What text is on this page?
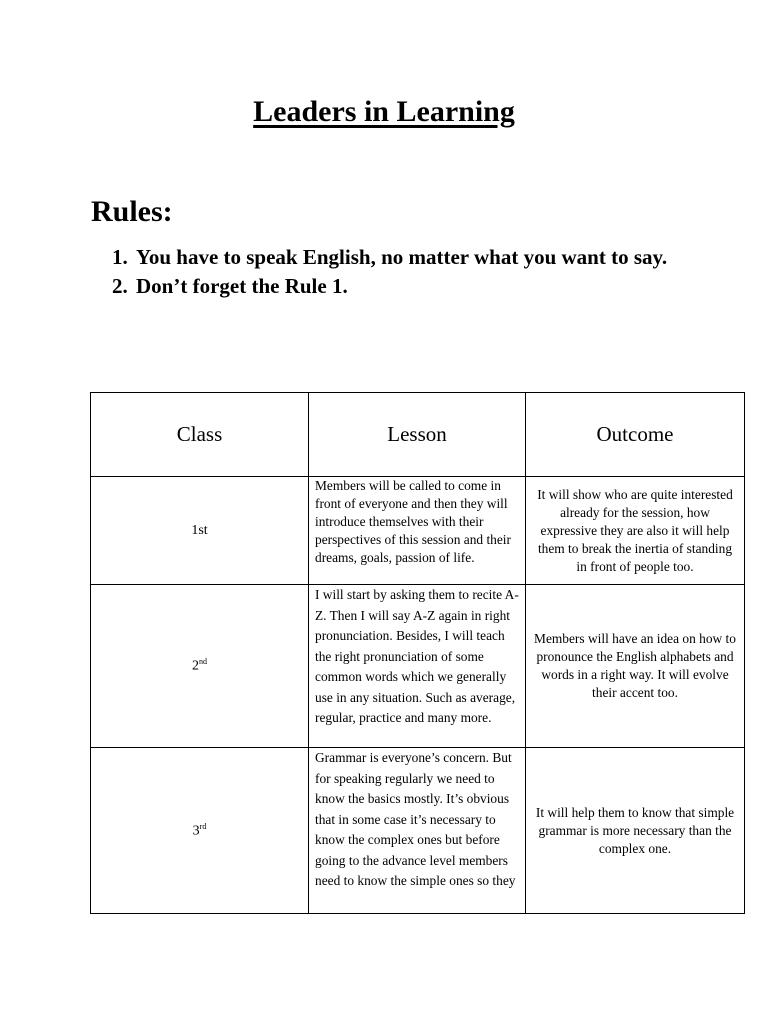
Leaders in Learning
Rules:
1. You have to speak English, no matter what you want to say.
2. Don’t forget the Rule 1.
Class	Lesson	Outcome
1st	Members will be called to come in front of everyone and then they will introduce themselves with their perspectives of this session and their dreams, goals, passion of life.	It will show who are quite interested already for the session, how expressive they are also it will help them to break the inertia of standing in front of people too.
2nd	I will start by asking them to recite A-Z. Then I will say A-Z again in right pronunciation. Besides, I will teach the right pronunciation of some common words which we generally use in any situation. Such as average, regular, practice and many more.	Members will have an idea on how to pronounce the English alphabets and words in a right way. It will evolve their accent too.
3rd	Grammar is everyone’s concern. But for speaking regularly we need to know the basics mostly. It’s obvious that in some case it’s necessary to know the complex ones but before going to the advance level members need to know the simple ones so they	It will help them to know that simple grammar is more necessary than the complex one.
